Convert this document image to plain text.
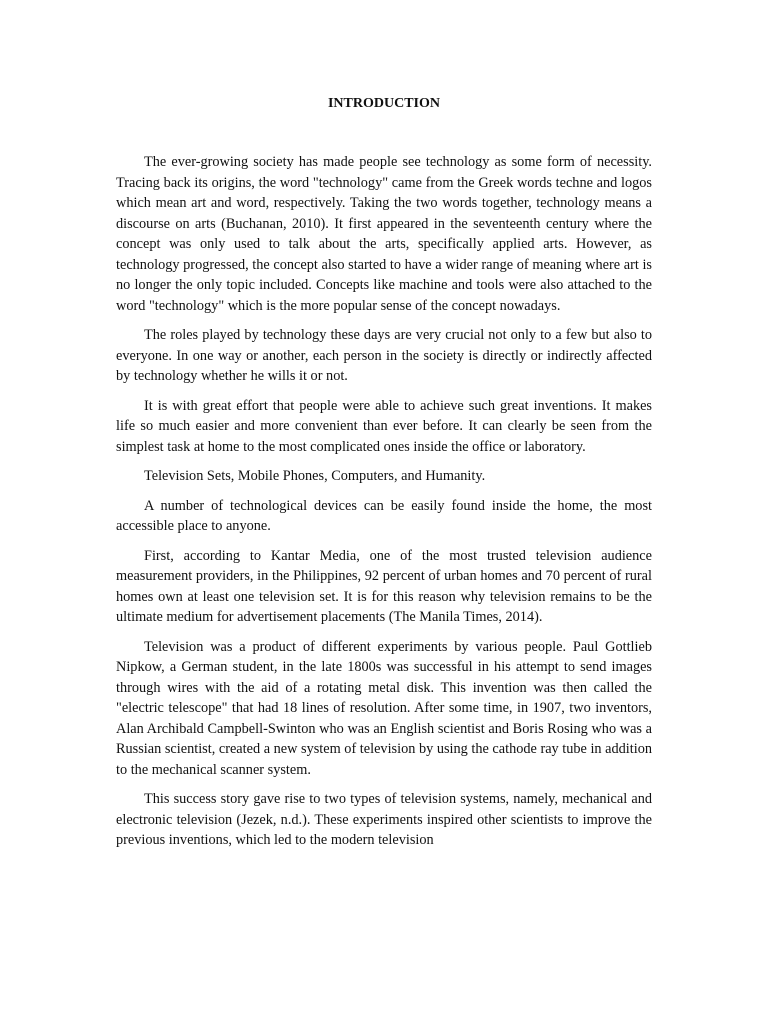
INTRODUCTION

The ever-growing society has made people see technology as some form of necessity. Tracing back its origins, the word "technology" came from the Greek words techne and logos which mean art and word, respectively. Taking the two words together, technology means a discourse on arts (Buchanan, 2010). It first appeared in the seventeenth century where the concept was only used to talk about the arts, specifically applied arts. However, as technology progressed, the concept also started to have a wider range of meaning where art is no longer the only topic included. Concepts like machine and tools were also attached to the word "technology" which is the more popular sense of the concept nowadays.

The roles played by technology these days are very crucial not only to a few but also to everyone. In one way or another, each person in the society is directly or indirectly affected by technology whether he wills it or not.

It is with great effort that people were able to achieve such great inventions. It makes life so much easier and more convenient than ever before. It can clearly be seen from the simplest task at home to the most complicated ones inside the office or laboratory.

Television Sets, Mobile Phones, Computers, and Humanity.

A number of technological devices can be easily found inside the home, the most accessible place to anyone.

First, according to Kantar Media, one of the most trusted television audience measurement providers, in the Philippines, 92 percent of urban homes and 70 percent of rural homes own at least one television set. It is for this reason why television remains to be the ultimate medium for advertisement placements (The Manila Times, 2014).

Television was a product of different experiments by various people. Paul Gottlieb Nipkow, a German student, in the late 1800s was successful in his attempt to send images through wires with the aid of a rotating metal disk. This invention was then called the "electric telescope" that had 18 lines of resolution. After some time, in 1907, two inventors, Alan Archibald Campbell-Swinton who was an English scientist and Boris Rosing who was a Russian scientist, created a new system of television by using the cathode ray tube in addition to the mechanical scanner system.

This success story gave rise to two types of television systems, namely, mechanical and electronic television (Jezek, n.d.). These experiments inspired other scientists to improve the previous inventions, which led to the modern television
